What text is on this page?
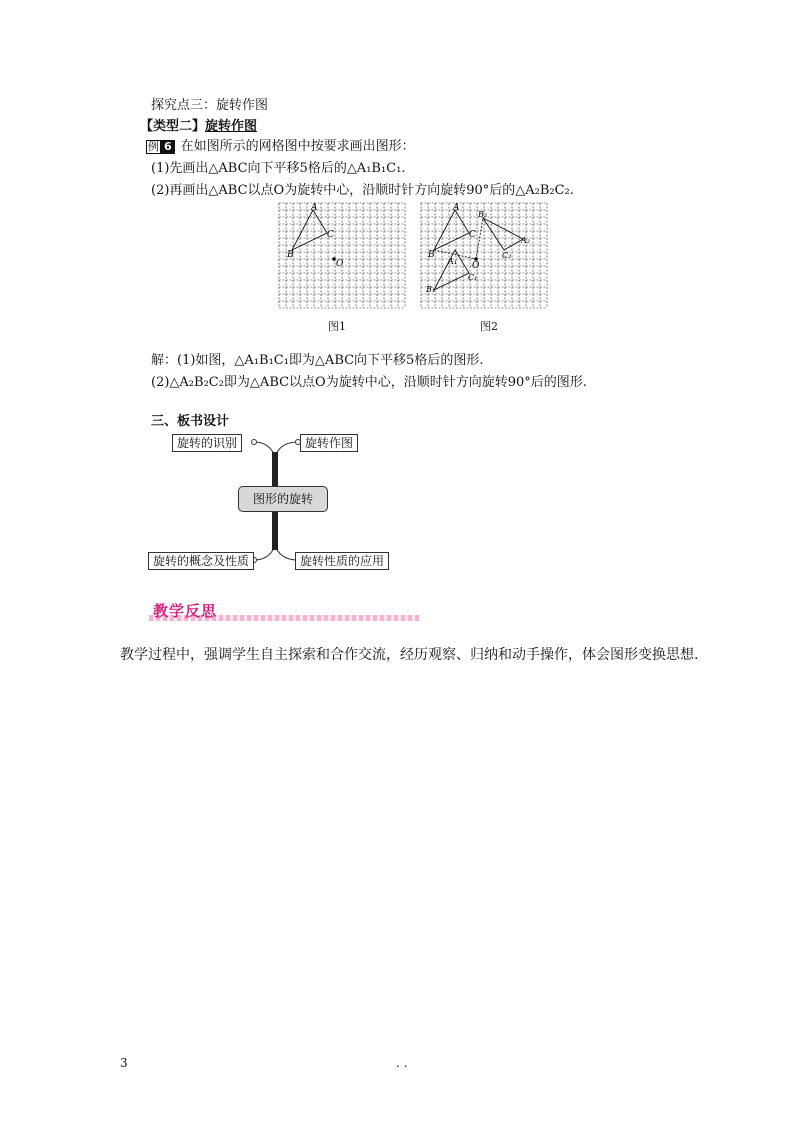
探究点三：旋转作图
【类型二】旋转作图
例 6 在如图所示的网格图中按要求画出图形：
(1)先画出△ABC向下平移5格后的△A₁B₁C₁.
(2)再画出△ABC以点O为旋转中心，沿顺时针方向旋转90°后的△A₂B₂C₂.
A
B
C
O
图1
A
B
C
O
A₁
B₁
C₁
B₂
A₂
C₂
图2
解：(1)如图，△A₁B₁C₁即为△ABC向下平移5格后的图形.
(2)△A₂B₂C₂即为△ABC以点O为旋转中心，沿顺时针方向旋转90°后的图形.
三、板书设计
旋转的识别	旋转作图
图形的旋转
旋转的概念及性质	旋转性质的应用
教学反思
教学过程中，强调学生自主探索和合作交流，经历观察、归纳和动手操作，体会图形变换思想.
3	. .
